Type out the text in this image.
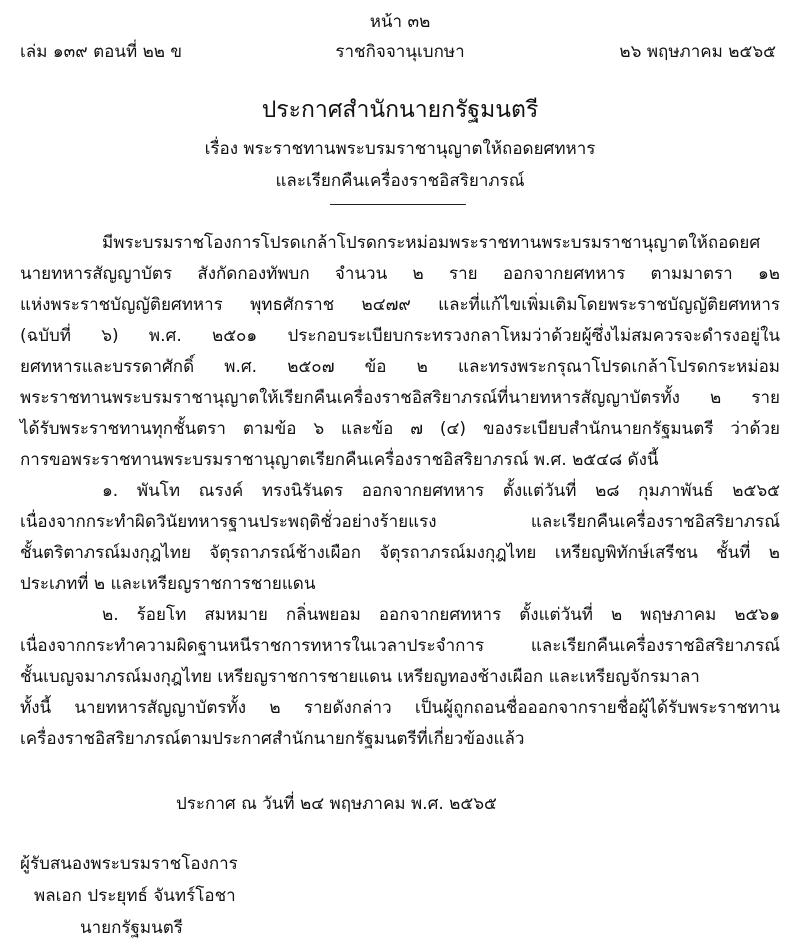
หน้า ๓๒
เล่ม ๑๓๙ ตอนที่ ๒๒ ข	ราชกิจจานุเบกษา	๒๖ พฤษภาคม ๒๕๖๕
ประกาศสำนักนายกรัฐมนตรี
เรื่อง พระราชทานพระบรมราชานุญาตให้ถอดยศทหาร
และเรียกคืนเครื่องราชอิสริยาภรณ์
มีพระบรมราชโองการโปรดเกล้าโปรดกระหม่อมพระราชทานพระบรมราชานุญาตให้ถอดยศ
นายทหารสัญญาบัตร สังกัดกองทัพบก จำนวน ๒ ราย ออกจากยศทหาร ตามมาตรา ๑๒
แห่งพระราชบัญญัติยศทหาร พุทธศักราช ๒๔๗๙ และที่แก้ไขเพิ่มเติมโดยพระราชบัญญัติยศทหาร
(ฉบับที่ ๖) พ.ศ. ๒๕๐๑ ประกอบระเบียบกระทรวงกลาโหมว่าด้วยผู้ซึ่งไม่สมควรจะดำรงอยู่ใน
ยศทหารและบรรดาศักดิ์ พ.ศ. ๒๕๐๗ ข้อ ๒ และทรงพระกรุณาโปรดเกล้าโปรดกระหม่อม
พระราชทานพระบรมราชานุญาตให้เรียกคืนเครื่องราชอิสริยาภรณ์ที่นายทหารสัญญาบัตรทั้ง ๒ ราย
ได้รับพระราชทานทุกชั้นตรา ตามข้อ ๖ และข้อ ๗ (๔) ของระเบียบสำนักนายกรัฐมนตรี ว่าด้วย
การขอพระราชทานพระบรมราชานุญาตเรียกคืนเครื่องราชอิสริยาภรณ์ พ.ศ. ๒๕๔๘ ดังนี้
๑. พันโท ณรงค์ ทรงนิรันดร ออกจากยศทหาร ตั้งแต่วันที่ ๒๘ กุมภาพันธ์ ๒๕๖๕
เนื่องจากกระทำผิดวินัยทหารฐานประพฤติชั่วอย่างร้ายแรง และเรียกคืนเครื่องราชอิสริยาภรณ์
ชั้นตริตาภรณ์มงกุฎไทย จัตุรถาภรณ์ช้างเผือก จัตุรถาภรณ์มงกุฎไทย เหรียญพิทักษ์เสรีชน ชั้นที่ ๒
ประเภทที่ ๒ และเหรียญราชการชายแดน
๒. ร้อยโท สมหมาย กลิ่นพยอม ออกจากยศทหาร ตั้งแต่วันที่ ๒ พฤษภาคม ๒๕๖๑
เนื่องจากกระทำความผิดฐานหนีราชการทหารในเวลาประจำการ และเรียกคืนเครื่องราชอิสริยาภรณ์
ชั้นเบญจมาภรณ์มงกุฎไทย เหรียญราชการชายแดน เหรียญทองช้างเผือก และเหรียญจักรมาลา
ทั้งนี้ นายทหารสัญญาบัตรทั้ง ๒ รายดังกล่าว เป็นผู้ถูกถอนชื่อออกจากรายชื่อผู้ได้รับพระราชทาน
เครื่องราชอิสริยาภรณ์ตามประกาศสำนักนายกรัฐมนตรีที่เกี่ยวข้องแล้ว
ประกาศ ณ วันที่ ๒๔ พฤษภาคม พ.ศ. ๒๕๖๕
ผู้รับสนองพระบรมราชโองการ
พลเอก ประยุทธ์ จันทร์โอชา
นายกรัฐมนตรี
